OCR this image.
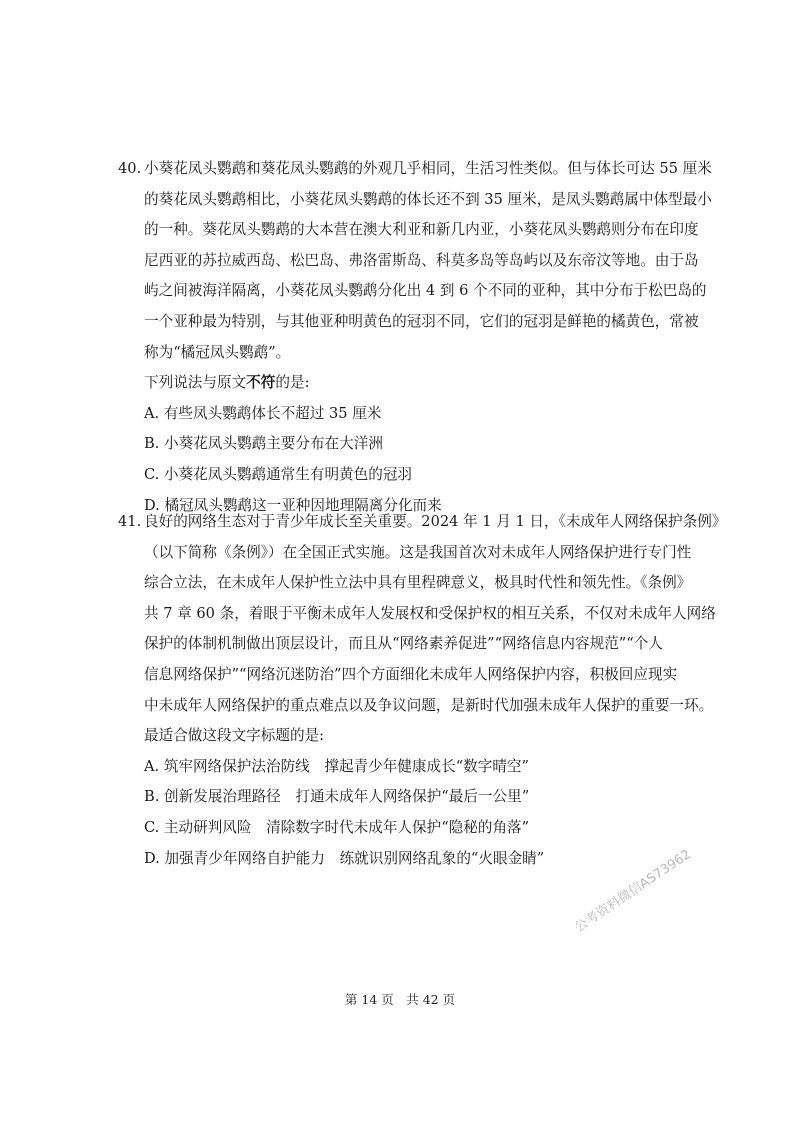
40. 小葵花凤头鹦鹉和葵花凤头鹦鹉的外观几乎相同，生活习性类似。但与体长可达 55 厘米
的葵花凤头鹦鹉相比，小葵花凤头鹦鹉的体长还不到 35 厘米，是凤头鹦鹉属中体型最小
的一种。葵花凤头鹦鹉的大本营在澳大利亚和新几内亚，小葵花凤头鹦鹉则分布在印度
尼西亚的苏拉威西岛、松巴岛、弗洛雷斯岛、科莫多岛等岛屿以及东帝汶等地。由于岛
屿之间被海洋隔离，小葵花凤头鹦鹉分化出 4 到 6 个不同的亚种，其中分布于松巴岛的
一个亚种最为特别，与其他亚种明黄色的冠羽不同，它们的冠羽是鲜艳的橘黄色，常被
称为“橘冠凤头鹦鹉”。
下列说法与原文不符的是:
A. 有些凤头鹦鹉体长不超过 35 厘米
B. 小葵花凤头鹦鹉主要分布在大洋洲
C. 小葵花凤头鹦鹉通常生有明黄色的冠羽
D. 橘冠凤头鹦鹉这一亚种因地理隔离分化而来
41. 良好的网络生态对于青少年成长至关重要。2024 年 1 月 1 日，《未成年人网络保护条例》
（以下简称《条例》）在全国正式实施。这是我国首次对未成年人网络保护进行专门性
综合立法，在未成年人保护性立法中具有里程碑意义，极具时代性和领先性。《条例》
共 7 章 60 条，着眼于平衡未成年人发展权和受保护权的相互关系，不仅对未成年人网络
保护的体制机制做出顶层设计，而且从“网络素养促进”“网络信息内容规范”“个人
信息网络保护”“网络沉迷防治”四个方面细化未成年人网络保护内容，积极回应现实
中未成年人网络保护的重点难点以及争议问题，是新时代加强未成年人保护的重要一环。
最适合做这段文字标题的是:
A. 筑牢网络保护法治防线　撑起青少年健康成长“数字晴空”
B. 创新发展治理路径　打通未成年人网络保护“最后一公里”
C. 主动研判风险　清除数字时代未成年人保护“隐秘的角落”
D. 加强青少年网络自护能力　练就识别网络乱象的“火眼金睛”	公考资料微信AS73962
第 14 页　共 42 页
